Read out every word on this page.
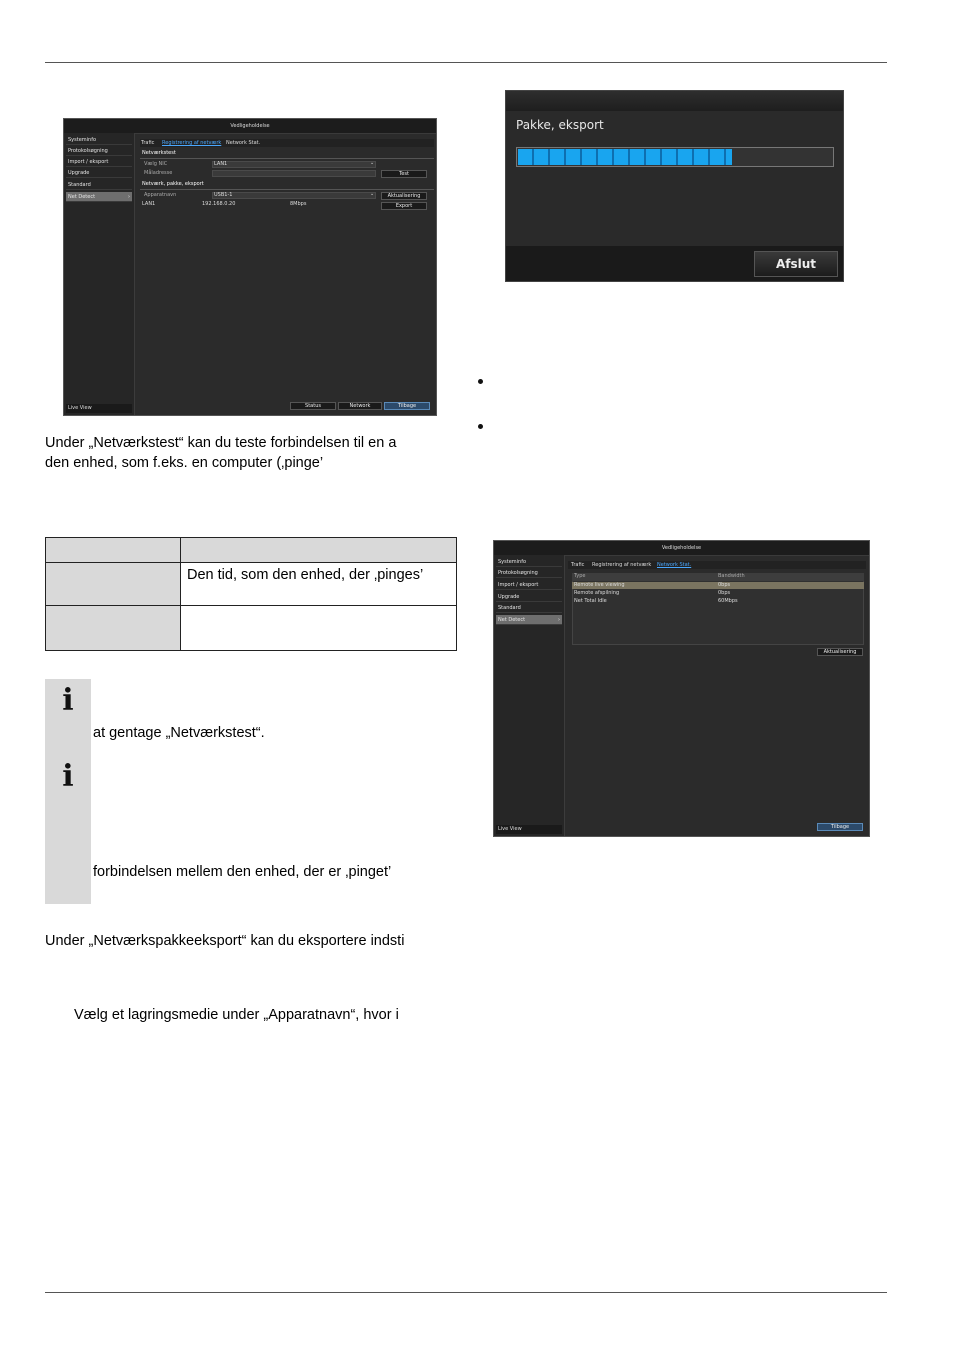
Vedligeholdelse
Systeminfo
Protokolsøgning
Import / eksport
Upgrade
Standard
Net Detect	›
Live View
Trafic Registrering af netværk Network Stat.
Netværkstest
Vælg NIC	LAN1	⌄
Måladresse	Test
Netværk, pakke, eksport
Apparatnavn	USB1-1	⌄	Aktualisering
LAN1	192.168.0.20	8Mbps	Export
Status	Network	Tilbage
Pakke, eksport
Afslut
Vedligeholdelse
Systeminfo
Protokolsøgning
Import / eksport
Upgrade
Standard
Net Detect	›
Live View
Trafic Registrering af netværk Network Stat.
Type	Bandwidth
Remote live viewing	0bps
Remote afspilning	0bps
Net Total Idle	60Mbps
Aktualisering
Tilbage
Under „Netværkstest“ kan du teste forbindelsen til en a
den enhed, som f.eks. en computer (‚pinge’

	Den tid, som den enhed, der ‚pinges’

i
i
at gentage „Netværkstest“.
forbindelsen mellem den enhed, der er ‚pinget’
Under „Netværkspakkeeksport“ kan du eksportere indsti
Vælg et lagringsmedie under „Apparatnavn“, hvor i
